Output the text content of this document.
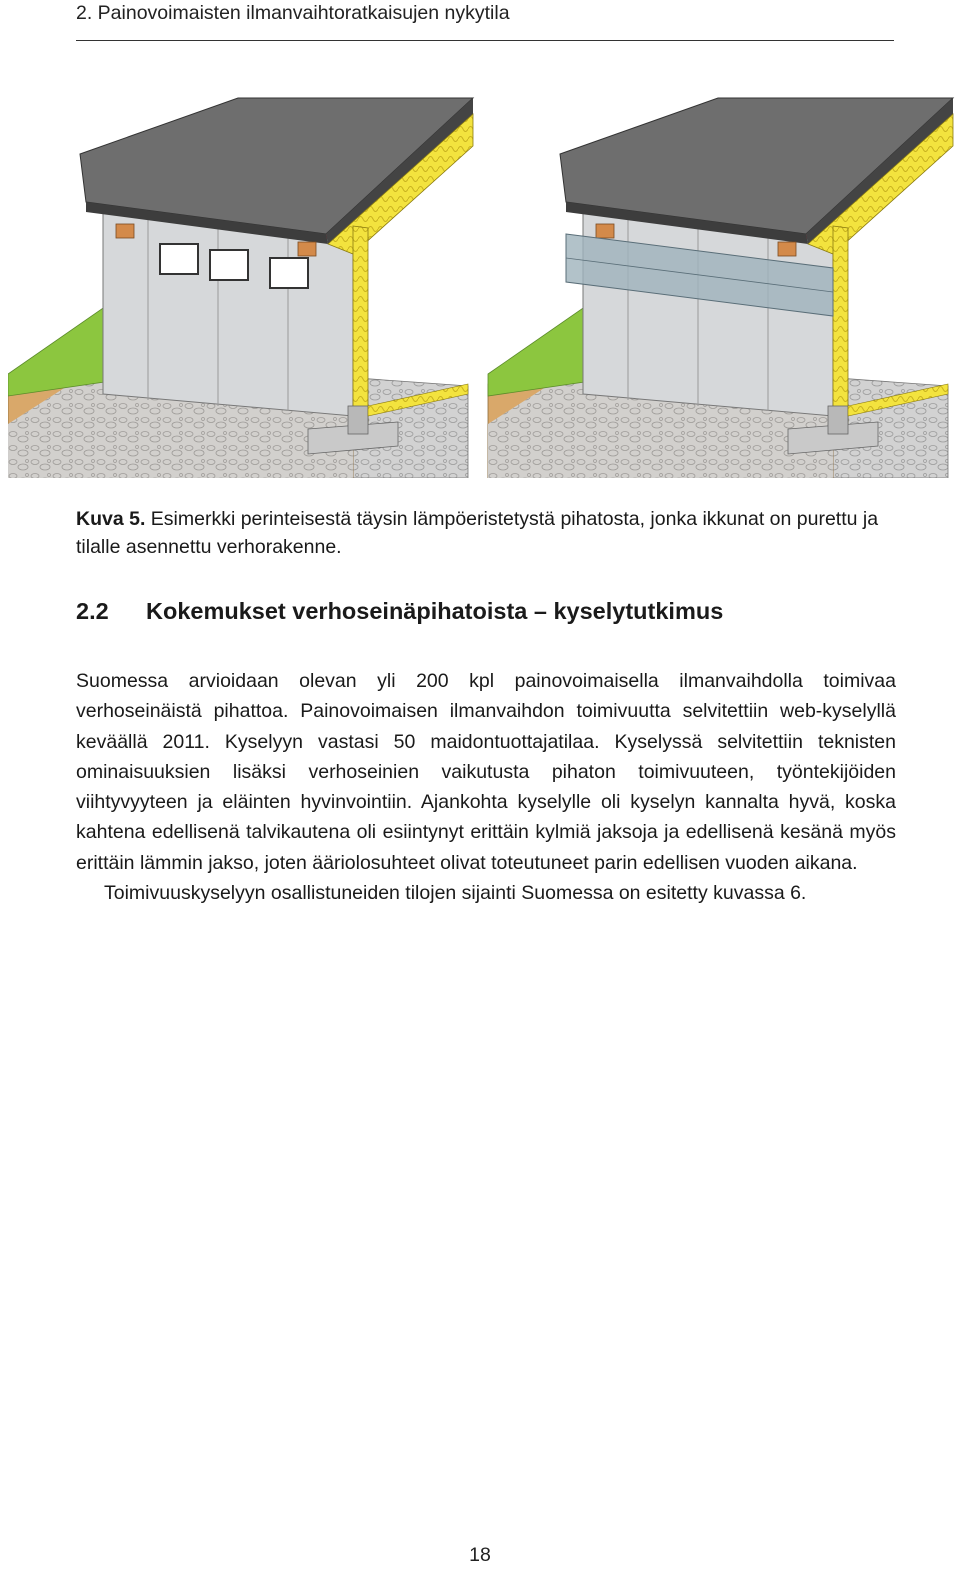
2. Painovoimaisten ilmanvaihtoratkaisujen nykytila
Kuva 5. Esimerkki perinteisestä täysin lämpöeristetystä pihatosta, jonka ikkunat on purettu ja tilalle asennettu verhorakenne.
2.2 Kokemukset verhoseinäpihatoista – kyselytutkimus

Suomessa arvioidaan olevan yli 200 kpl painovoimaisella ilmanvaihdolla toimivaa verhoseinäistä pihattoa. Painovoimaisen ilmanvaihdon toimivuutta selvitettiin web-kyselyllä keväällä 2011. Kyselyyn vastasi 50 maidontuottajatilaa. Kyselyssä selvitettiin teknisten ominaisuuksien lisäksi verhoseinien vaikutusta pihaton toimivuuteen, työntekijöiden viihtyvyyteen ja eläinten hyvinvointiin. Ajankohta kyselylle oli kyselyn kannalta hyvä, koska kahtena edellisenä talvikautena oli esiintynyt erittäin kylmiä jaksoja ja edellisenä kesänä myös erittäin lämmin jakso, joten ääriolosuhteet olivat toteutuneet parin edellisen vuoden aikana.

Toimivuuskyselyyn osallistuneiden tilojen sijainti Suomessa on esitetty kuvassa 6.

18
